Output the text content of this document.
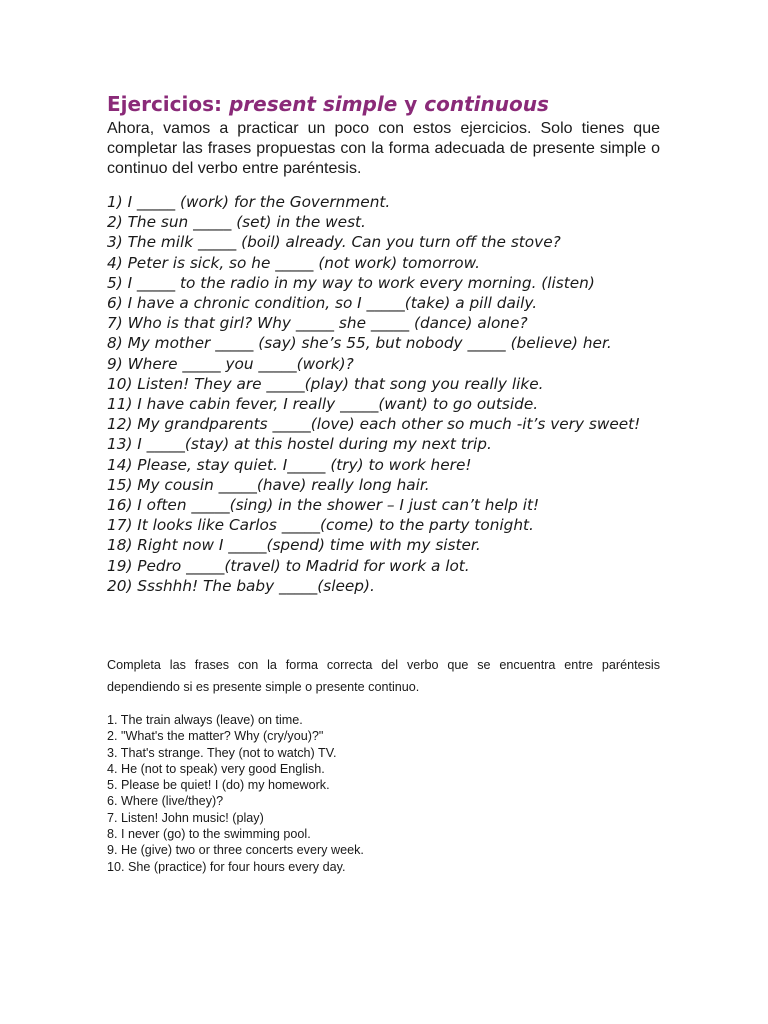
Ejercicios: present simple y continuous

Ahora, vamos a practicar un poco con estos ejercicios. Solo tienes que completar las frases propuestas con la forma adecuada de presente simple o continuo del verbo entre paréntesis.

1) I _____ (work) for the Government.
2) The sun _____ (set) in the west.
3) The milk _____ (boil) already. Can you turn off the stove?
4) Peter is sick, so he _____ (not work) tomorrow.
5) I _____ to the radio in my way to work every morning. (listen)
6) I have a chronic condition, so I _____(take) a pill daily.
7) Who is that girl? Why _____ she _____ (dance) alone?
8) My mother _____ (say) she’s 55, but nobody _____ (believe) her.
9) Where _____ you _____(work)?
10) Listen! They are _____(play) that song you really like.
11) I have cabin fever, I really _____(want) to go outside.
12) My grandparents _____(love) each other so much -it’s very sweet!
13) I _____(stay) at this hostel during my next trip.
14) Please, stay quiet. I_____ (try) to work here!
15) My cousin _____(have) really long hair.
16) I often _____(sing) in the shower – I just can’t help it!
17) It looks like Carlos _____(come) to the party tonight.
18) Right now I _____(spend) time with my sister.
19) Pedro _____(travel) to Madrid for work a lot.
20) Ssshhh! The baby _____(sleep).

Completa las frases con la forma correcta del verbo que se encuentra entre paréntesis dependiendo si es presente simple o presente continuo.

1. The train always (leave) on time.
2. "What's the matter? Why (cry/you)?"
3. That's strange. They (not to watch) TV.
4. He (not to speak) very good English.
5. Please be quiet! I (do) my homework.
6. Where (live/they)?
7. Listen! John music! (play)
8. I never (go) to the swimming pool.
9. He (give) two or three concerts every week.
10. She (practice) for four hours every day.
